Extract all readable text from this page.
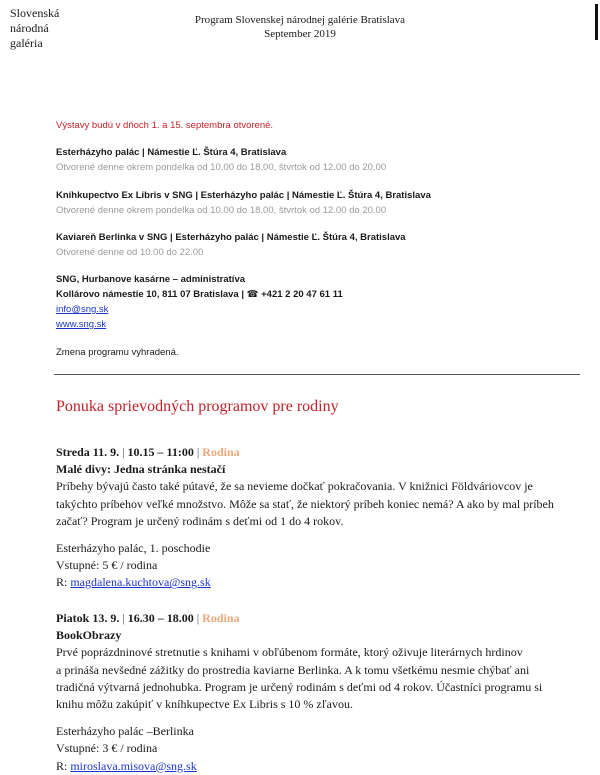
Slovenská
národná
galéria
Program Slovenskej národnej galérie Bratislava
September 2019
Výstavy budú v dňoch 1. a 15. septembra otvorené.
Esterházyho palác | Námestie Ľ. Štúra 4, Bratislava
Otvorené denne okrem pondelka od 10.00 do 18.00, štvrtok od 12.00 do 20.00
Kníhkupectvo Ex Libris v SNG | Esterházyho palác | Námestie Ľ. Štúra 4, Bratislava
Otvorené denne okrem pondelka od 10.00 do 18.00, štvrtok od 12.00 do 20.00
Kaviareň Berlinka v SNG | Esterházyho palác | Námestie Ľ. Štúra 4, Bratislava
Otvorené denne od 10.00 do 22.00
SNG, Hurbanove kasárne – administratíva
Kollárovo námestie 10, 811 07 Bratislava | ☎ +421 2 20 47 61 11
info@sng.sk
www.sng.sk
Zmena programu vyhradená.
Ponuka sprievodných programov pre rodiny

Streda 11. 9. | 10.15 – 11:00 | Rodina

Malé divy: Jedna stránka nestačí

Príbehy bývajú často také pútavé, že sa nevieme dočkať pokračovania. V knižnici Földváriovcov je takýchto príbehov veľké množstvo. Môže sa stať, že niektorý príbeh koniec nemá? A ako by mal príbeh začať? Program je určený rodinám s deťmi od 1 do 4 rokov.

Esterházyho palác, 1. poschodie

Vstupné: 5 € / rodina

R: magdalena.kuchtova@sng.sk

Piatok 13. 9. | 16.30 – 18.00 | Rodina

BookObrazy

Prvé poprázdninové stretnutie s knihami v obľúbenom formáte, ktorý oživuje literárnych hrdinov

a prináša nevšedné zážitky do prostredia kaviarne Berlinka. A k tomu všetkému nesmie chýbať ani

tradičná výtvarná jednohubka. Program je určený rodinám s deťmi od 4 rokov. Účastníci programu si

knihu môžu zakúpiť v kníhkupectve Ex Libris s 10 % zľavou.

Esterházyho palác –Berlinka

Vstupné: 3 € / rodina

R: miroslava.misova@sng.sk
